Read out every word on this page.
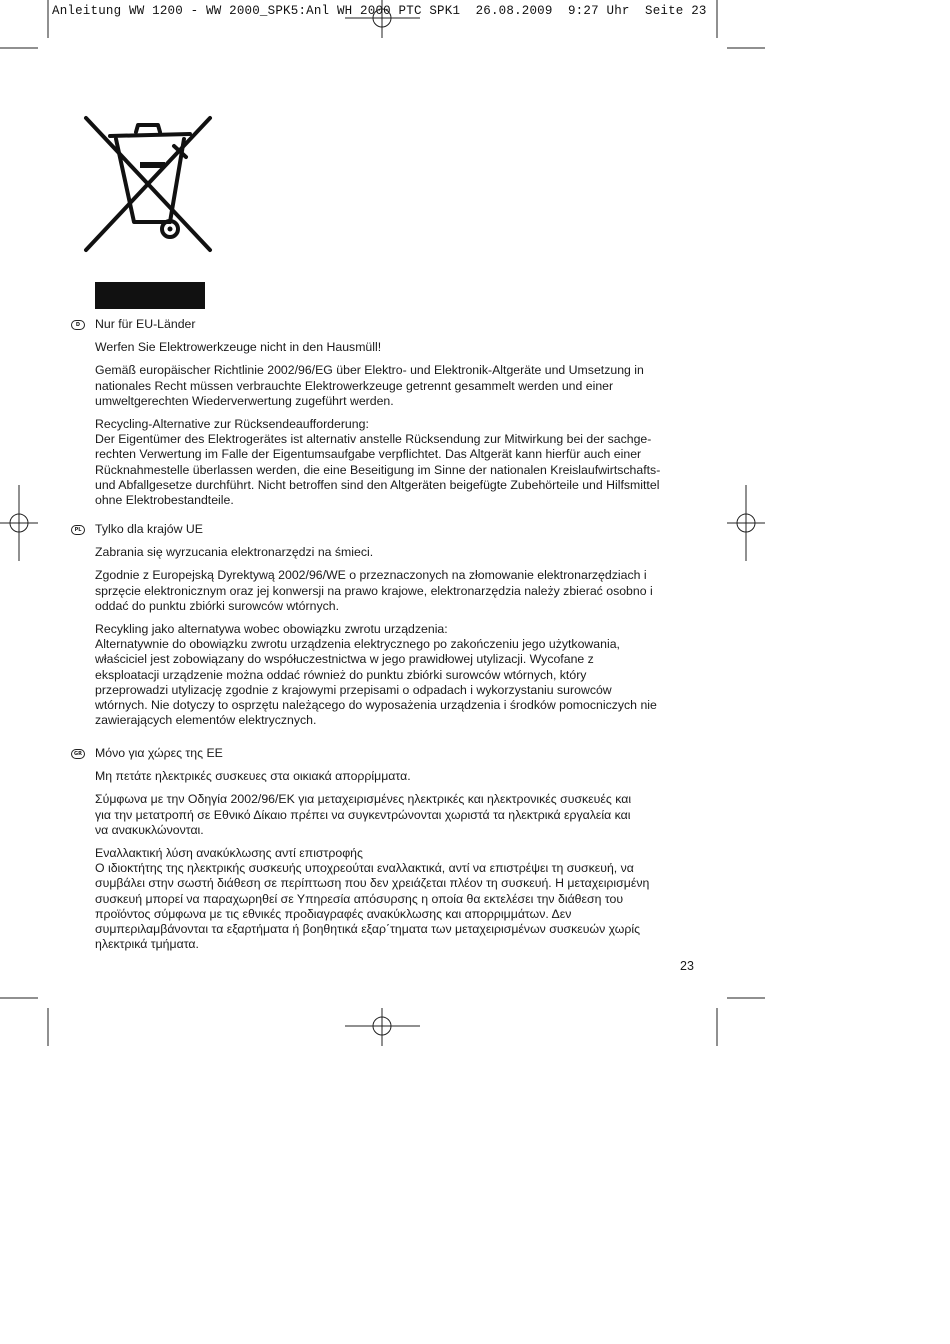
Anleitung WW 1200 - WW 2000_SPK5:Anl WH 2000 PTC SPK1  26.08.2009  9:27 Uhr  Seite 23
D	Nur für EU-Länder

Werfen Sie Elektrowerkzeuge nicht in den Hausmüll!

Gemäß europäischer Richtlinie 2002/96/EG über Elektro- und Elektronik-Altgeräte und Umsetzung in
nationales Recht müssen verbrauchte Elektrowerkzeuge getrennt gesammelt werden und einer
umweltgerechten Wiederverwertung zugeführt werden.

Recycling-Alternative zur Rücksendeaufforderung:
Der Eigentümer des Elektrogerätes ist alternativ anstelle Rücksendung zur Mitwirkung bei der sachge-
rechten Verwertung im Falle der Eigentumsaufgabe verpflichtet. Das Altgerät kann hierfür auch einer
Rücknahmestelle überlassen werden, die eine Beseitigung im Sinne der nationalen Kreislaufwirtschafts-
und Abfallgesetze durchführt. Nicht betroffen sind den Altgeräten beigefügte Zubehörteile und Hilfsmittel
ohne Elektrobestandteile.

PL Tylko dla krajów UE

Zabrania się wyrzucania elektronarzędzi na śmieci.

Zgodnie z Europejską Dyrektywą 2002/96/WE o przeznaczonych na złomowanie elektronarzędziach i
sprzęcie elektronicznym oraz jej konwersji na prawo krajowe, elektronarzędzia należy zbierać osobno i
oddać do punktu zbiórki surowców wtórnych.

Recykling jako alternatywa wobec obowiązku zwrotu urządzenia:
Alternatywnie do obowiązku zwrotu urządzenia elektrycznego po zakończeniu jego użytkowania,
właściciel jest zobowiązany do współuczestnictwa w jego prawidłowej utylizacji. Wycofane z
eksploatacji urządzenie można oddać również do punktu zbiórki surowców wtórnych, który
przeprowadzi utylizację zgodnie z krajowymi przepisami o odpadach i wykorzystaniu surowców
wtórnych. Nie dotyczy to osprzętu należącego do wyposażenia urządzenia i środków pomocniczych nie
zawierających elementów elektrycznych.

GR Μόνο για χώρες της ΕΕ

Μη πετάτε ηλεκτρικές συσκευες στα οικιακά απορρίμματα.

Σύμφωνα με την Οδηγία 2002/96/ΕΚ για μεταχειρισμένες ηλεκτρικές και ηλεκτρονικές συσκευές και
για την μετατροπή σε Εθνικό Δίκαιο πρέπει να συγκεντρώνονται χωριστά τα ηλεκτρικά εργαλεία και
να ανακυκλώνονται.

Εναλλακτική λύση ανακύκλωσης αντί επιστροφής
Ο ιδιοκτήτης της ηλεκτρικής συσκευής υποχρεούται εναλλακτικά, αντί να επιστρέψει τη συσκευή, να
συμβάλει στην σωστή διάθεση σε περίπτωση που δεν χρειάζεται πλέον τη συσκευή. Η μεταχειρισμένη
συσκευή μπορεί να παραχωρηθεί σε Υπηρεσία απόσυρσης η οποία θα εκτελέσει την διάθεση του
προϊόντος σύμφωνα με τις εθνικές προδιαγραφές ανακύκλωσης και απορριμμάτων. Δεν
συμπεριλαμβάνονται τα εξαρτήματα ή βοηθητικά εξαρ΄τηματα των μεταχειρισμένων συσκευών χωρίς
ηλεκτρικά τμήματα.

23
